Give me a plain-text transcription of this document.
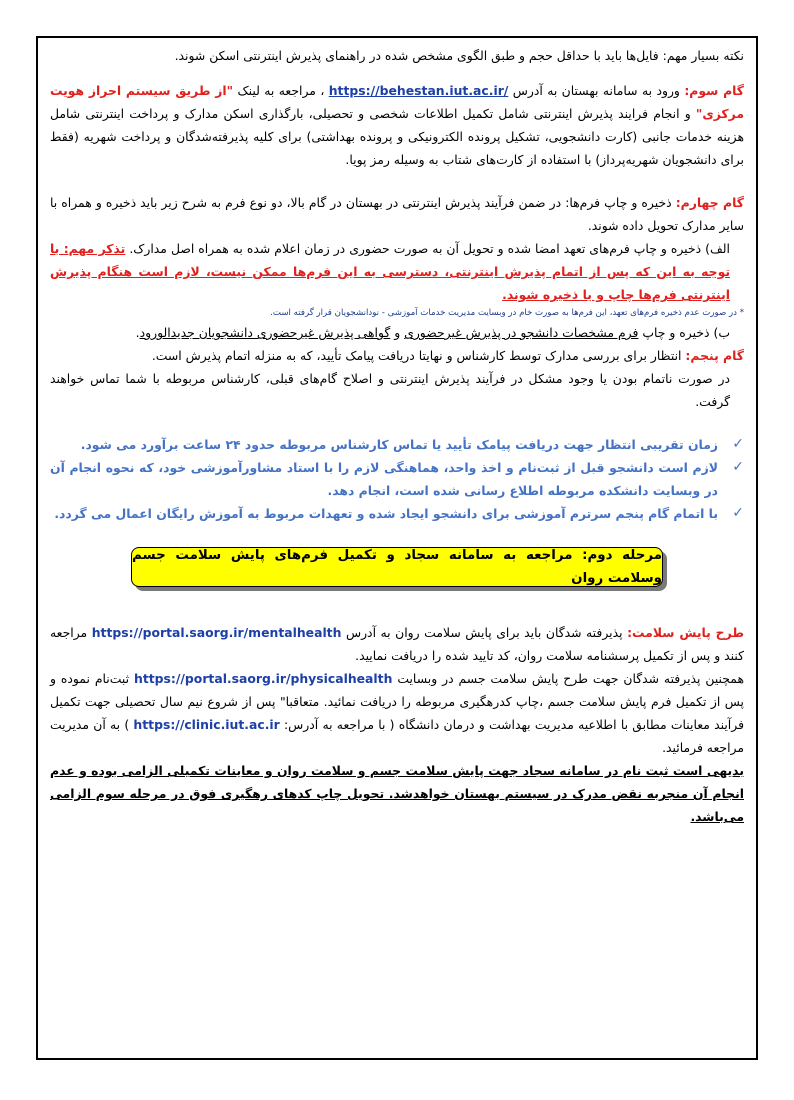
نکته بسیار مهم: فایل‌ها باید با حداقل حجم و طبق الگوی مشخص شده در راهنمای پذیرش اینترنتی اسکن شوند.

گام سوم: ورود به سامانه بهستان به آدرس https://behestan.iut.ac.ir/ ، مراجعه به لینک "از طریق سیستم احراز هویت مرکزی" و انجام فرایند پذیرش اینترنتی شامل تکمیل اطلاعات شخصی و تحصیلی، بارگذاری اسکن مدارک و پرداخت اینترنتی شامل هزینه خدمات جانبی (کارت دانشجویی، تشکیل پرونده الکترونیکی و پرونده بهداشتی) برای کلیه پذیرفته‌شدگان و پرداخت شهریه (فقط برای دانشجویان شهریه‌پرداز) با استفاده از کارت‌های شتاب به وسیله رمز پویا.

گام چهارم: ذخیره و چاپ فرم‌ها: در ضمن فرآیند پذیرش اینترنتی در بهستان در گام بالا، دو نوع فرم به شرح زیر باید ذخیره و همراه با سایر مدارک تحویل داده شوند.

الف) ذخیره و چاپ فرم‌های تعهد امضا شده و تحویل آن به صورت حضوری در زمان اعلام شده به همراه اصل مدارک. تذکر مهم: با توجه به این که پس از اتمام پذیرش اینترنتی، دسترسی به این فرم‌ها ممکن نیست، لازم است هنگام پذیرش اینترنتی فرم‌ها چاپ و یا ذخیره شوند.

* در صورت عدم ذخیره فرم‌های تعهد، این فرم‌ها به صورت خام در وبسایت مدیریت خدمات آموزشی - نودانشجویان قرار گرفته است.

ب) ذخیره و چاپ فرم مشخصات دانشجو در پذیرش غیرحضوری و گواهی پذیرش غیرحضوری دانشجویان جدیدالورود.

گام پنجم: انتظار برای بررسی مدارک توسط کارشناس و نهایتا دریافت پیامک تأیید، که به منزله اتمام پذیرش است.

در صورت ناتمام بودن یا وجود مشکل در فرآیند پذیرش اینترنتی و اصلاح گام‌های قبلی، کارشناس مربوطه با شما تماس خواهند گرفت.

✓
زمان تقریبی انتظار جهت دریافت پیامک تأیید یا تماس کارشناس مربوطه حدود ۲۴ ساعت برآورد می شود.
✓
لازم است دانشجو قبل از ثبت‌نام و اخذ واحد، هماهنگی لازم را با استاد مشاورآموزشی خود، که نحوه انجام آن در وبسایت دانشکده مربوطه اطلاع رسانی شده است، انجام دهد.
✓
با اتمام گام پنجم سرترم آموزشی برای دانشجو ایجاد شده و تعهدات مربوط به آموزش رایگان اعمال می گردد.
مرحله دوم: مراجعه به سامانه سجاد و تکمیل فرم‌های پایش سلامت جسم وسلامت روان

طرح پایش سلامت: پذیرفته شدگان باید برای پایش سلامت روان به آدرس https://portal.saorg.ir/mentalhealth مراجعه کنند و پس از تکمیل پرسشنامه سلامت روان، کد تایید شده را دریافت نمایید.

همچنین پذیرفته شدگان جهت طرح پایش سلامت جسم در وبسایت https://portal.saorg.ir/physicalhealth ثبت‌نام نموده و پس از تکمیل فرم پایش سلامت جسم ،چاپ کدرهگیری مربوطه را دریافت نمائید. متعاقبا" پس از شروع نیم سال تحصیلی جهت تکمیل فرآیند معاینات مطابق با اطلاعیه مدیریت بهداشت و درمان دانشگاه ( با مراجعه به آدرس: https://clinic.iut.ac.ir ) به آن مدیریت مراجعه فرمائید.

بدیهی است ثبت نام در سامانه سجاد جهت پایش سلامت جسم و سلامت روان و معاینات تکمیلی الزامی بوده و عدم انجام آن منجربه نقض مدرک در سیستم بهستان خواهدشد. تحویل چاپ کدهای رهگیری فوق در مرحله سوم الزامی می‌باشد.
